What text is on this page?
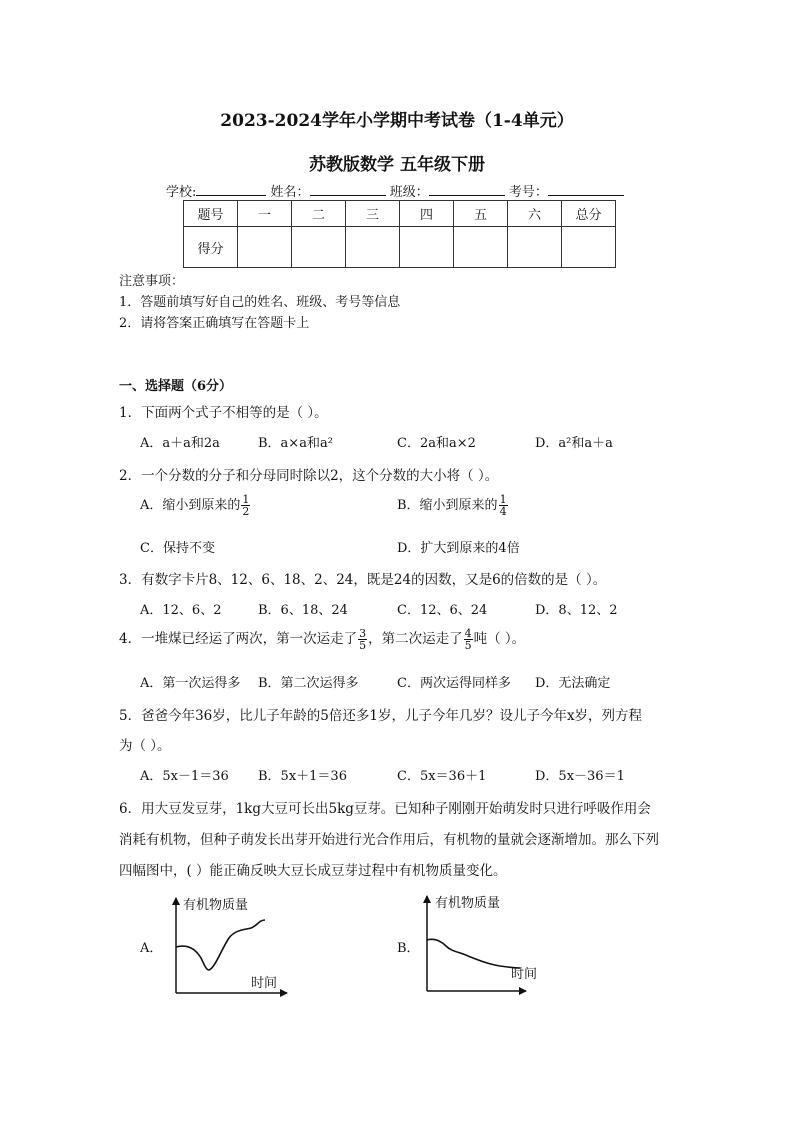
2023-2024学年小学期中考试卷（1-4单元）
苏教版数学 五年级下册
学校:	姓名：	班级：	考号：
题号	一	二	三	四	五	六	总分
得分							
注意事项：
1．答题前填写好自己的姓名、班级、考号等信息
2．请将答案正确填写在答题卡上
一、选择题（6分）
1．下面两个式子不相等的是（ ）。
A．a＋a和2a	B．a×a和a²	C．2a和a×2	D．a²和a＋a
2．一个分数的分子和分母同时除以2，这个分数的大小将（ ）。
A．缩小到原来的 $\frac{1}{2}$	B．缩小到原来的 $\frac{1}{4}$
C．保持不变	D．扩大到原来的4倍
3．有数字卡片8、12、6、18、2、24，既是24的因数，又是6的倍数的是（ ）。
A．12、6、2	B．6、18、24	C．12、6、24	D．8、12、2
4．一堆煤已经运了两次，第一次运走了 $\frac{3}{5}$ ，第二次运走了 $\frac{4}{5}$ 吨（ ）。
A．第一次运得多 B．第二次运得多	C．两次运得同样多 D．无法确定
5．爸爸今年36岁，比儿子年龄的5倍还多1岁，儿子今年几岁？设儿子今年x岁，列方程
为（ ）。
A．5x－1＝36 B．5x＋1＝36	C．5x＝36＋1	D．5x－36＝1
6．用大豆发豆芽，1kg大豆可长出5kg豆芽。已知种子刚刚开始萌发时只进行呼吸作用会
消耗有机物，但种子萌发长出芽开始进行光合作用后，有机物的量就会逐渐增加。那么下列
四幅图中，( ）能正确反映大豆长成豆芽过程中有机物质量变化。
A．
有机物质量
时间
B．
有机物质量
时间
